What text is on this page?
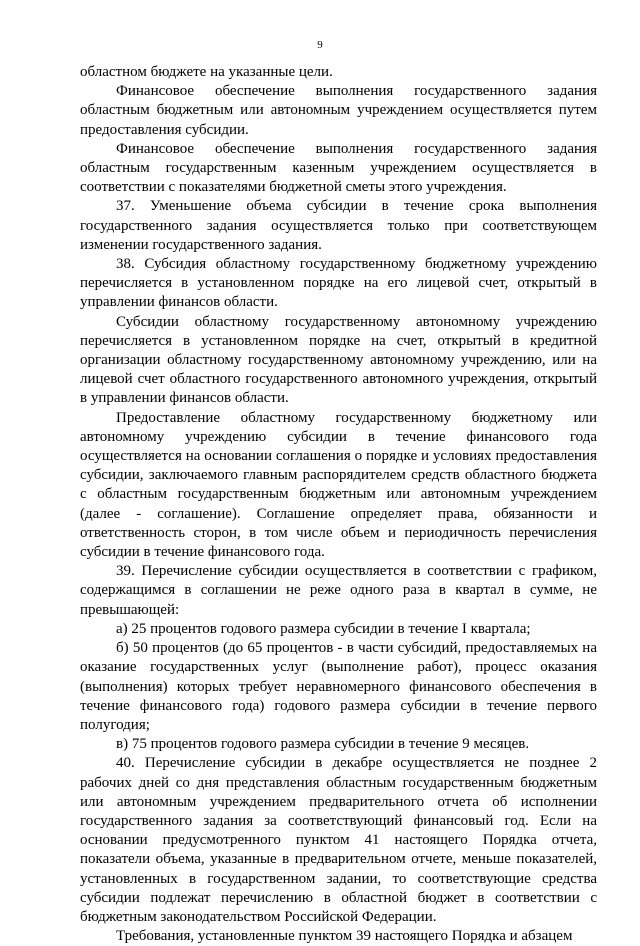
9

областном бюджете на указанные цели.

Финансовое обеспечение выполнения государственного задания областным бюджетным или автономным учреждением осуществляется путем предоставления субсидии.

Финансовое обеспечение выполнения государственного задания областным государственным казенным учреждением осуществляется в соответствии с показателями бюджетной сметы этого учреждения.

37. Уменьшение объема субсидии в течение срока выполнения государственного задания осуществляется только при соответствующем изменении государственного задания.

38. Субсидия областному государственному бюджетному учреждению перечисляется в установленном порядке на его лицевой счет, открытый в управлении финансов области.

Субсидии областному государственному автономному учреждению перечисляется в установленном порядке на счет, открытый в кредитной организации областному государственному автономному учреждению, или на лицевой счет областного государственного автономного учреждения, открытый в управлении финансов области.

Предоставление областному государственному бюджетному или автономному учреждению субсидии в течение финансового года осуществляется на основании соглашения о порядке и условиях предоставления субсидии, заключаемого главным распорядителем средств областного бюджета с областным государственным бюджетным или автономным учреждением (далее - соглашение). Соглашение определяет права, обязанности и ответственность сторон, в том числе объем и периодичность перечисления субсидии в течение финансового года.

39. Перечисление субсидии осуществляется в соответствии с графиком, содержащимся в соглашении не реже одного раза в квартал в сумме, не превышающей:

а) 25 процентов годового размера субсидии в течение I квартала;

б) 50 процентов (до 65 процентов - в части субсидий, предоставляемых на оказание государственных услуг (выполнение работ), процесс оказания (выполнения) которых требует неравномерного финансового обеспечения в течение финансового года) годового размера субсидии в течение первого полугодия;

в) 75 процентов годового размера субсидии в течение 9 месяцев.

40. Перечисление субсидии в декабре осуществляется не позднее 2 рабочих дней со дня представления областным государственным бюджетным или автономным учреждением предварительного отчета об исполнении государственного задания за соответствующий финансовый год. Если на основании предусмотренного пунктом 41 настоящего Порядка отчета, показатели объема, указанные в предварительном отчете, меньше показателей, установленных в государственном задании, то соответствующие средства субсидии подлежат перечислению в областной бюджет в соответствии с бюджетным законодательством Российской Федерации.

Требования, установленные пунктом 39 настоящего Порядка и абзацем
